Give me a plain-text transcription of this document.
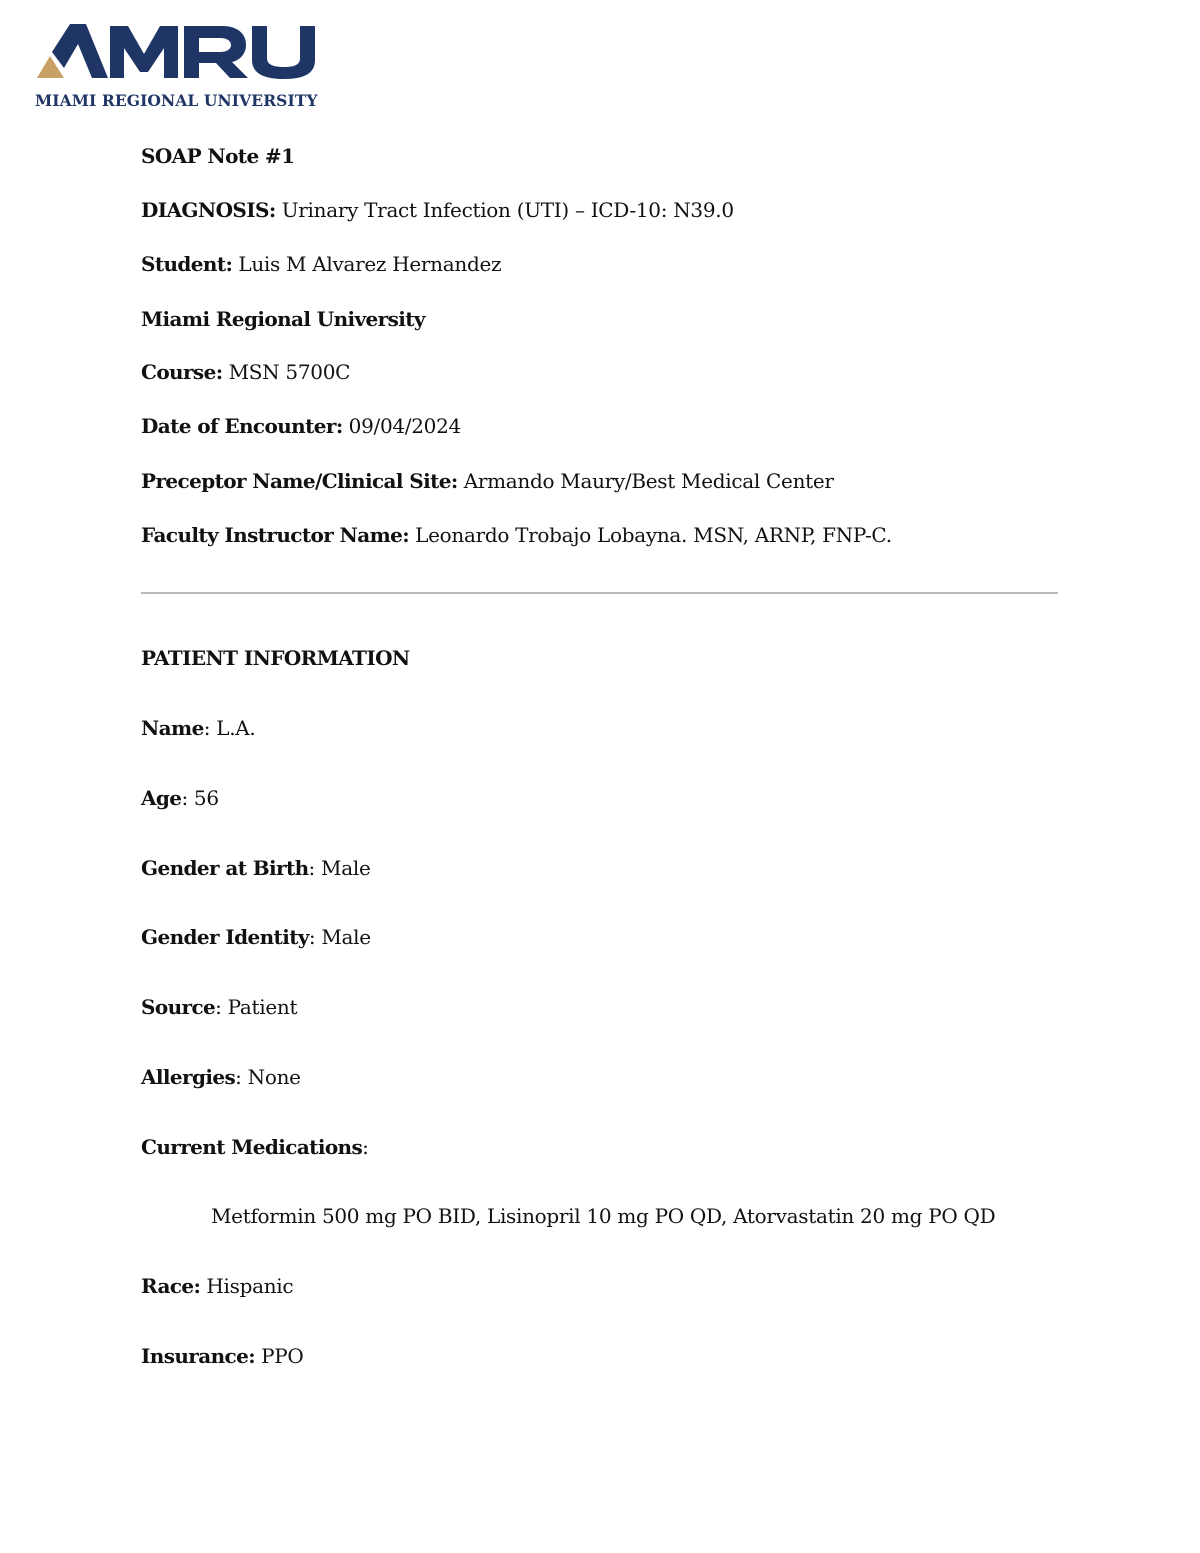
MIAMI REGIONAL UNIVERSITY
SOAP Note #1
DIAGNOSIS: Urinary Tract Infection (UTI) – ICD-10: N39.0
Student: Luis M Alvarez Hernandez
Miami Regional University
Course: MSN 5700C
Date of Encounter: 09/04/2024
Preceptor Name/Clinical Site: Armando Maury/Best Medical Center
Faculty Instructor Name: Leonardo Trobajo Lobayna. MSN, ARNP, FNP-C.
PATIENT INFORMATION
Name: L.A.
Age: 56
Gender at Birth: Male
Gender Identity: Male
Source: Patient
Allergies: None
Current Medications:
Metformin 500 mg PO BID, Lisinopril 10 mg PO QD, Atorvastatin 20 mg PO QD
Race: Hispanic
Insurance: PPO
